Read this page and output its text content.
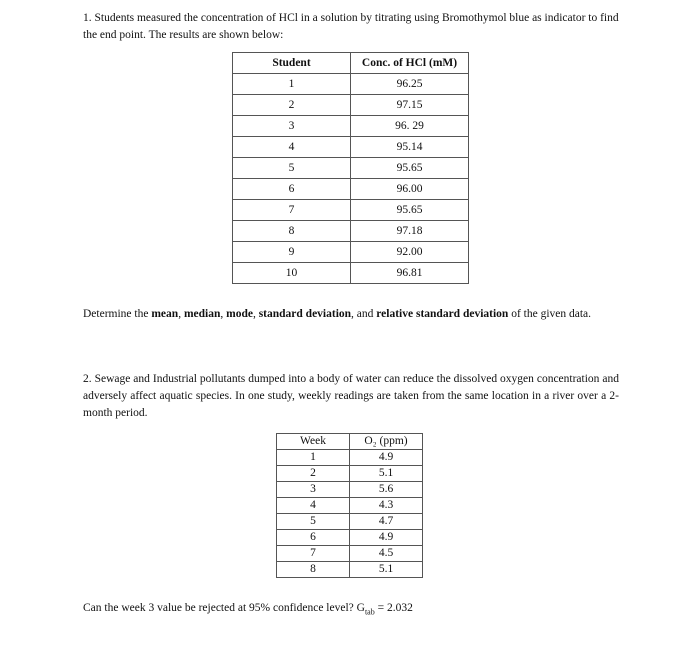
1. Students measured the concentration of HCl in a solution by titrating using Bromothymol blue as indicator to find the end point. The results are shown below:

Student	Conc. of HCl (mM)
1	96.25
2	97.15
3	96. 29
4	95.14
5	95.65
6	96.00
7	95.65
8	97.18
9	92.00
10	96.81

Determine the mean, median, mode, standard deviation, and relative standard deviation of the given data.

2. Sewage and Industrial pollutants dumped into a body of water can reduce the dissolved oxygen concentration and adversely affect aquatic species. In one study, weekly readings are taken from the same location in a river over a 2-month period.

Week	O₂ (ppm)
1	4.9
2	5.1
3	5.6
4	4.3
5	4.7
6	4.9
7	4.5
8	5.1

Can the week 3 value be rejected at 95% confidence level? $G_{tab} = 2.032$
